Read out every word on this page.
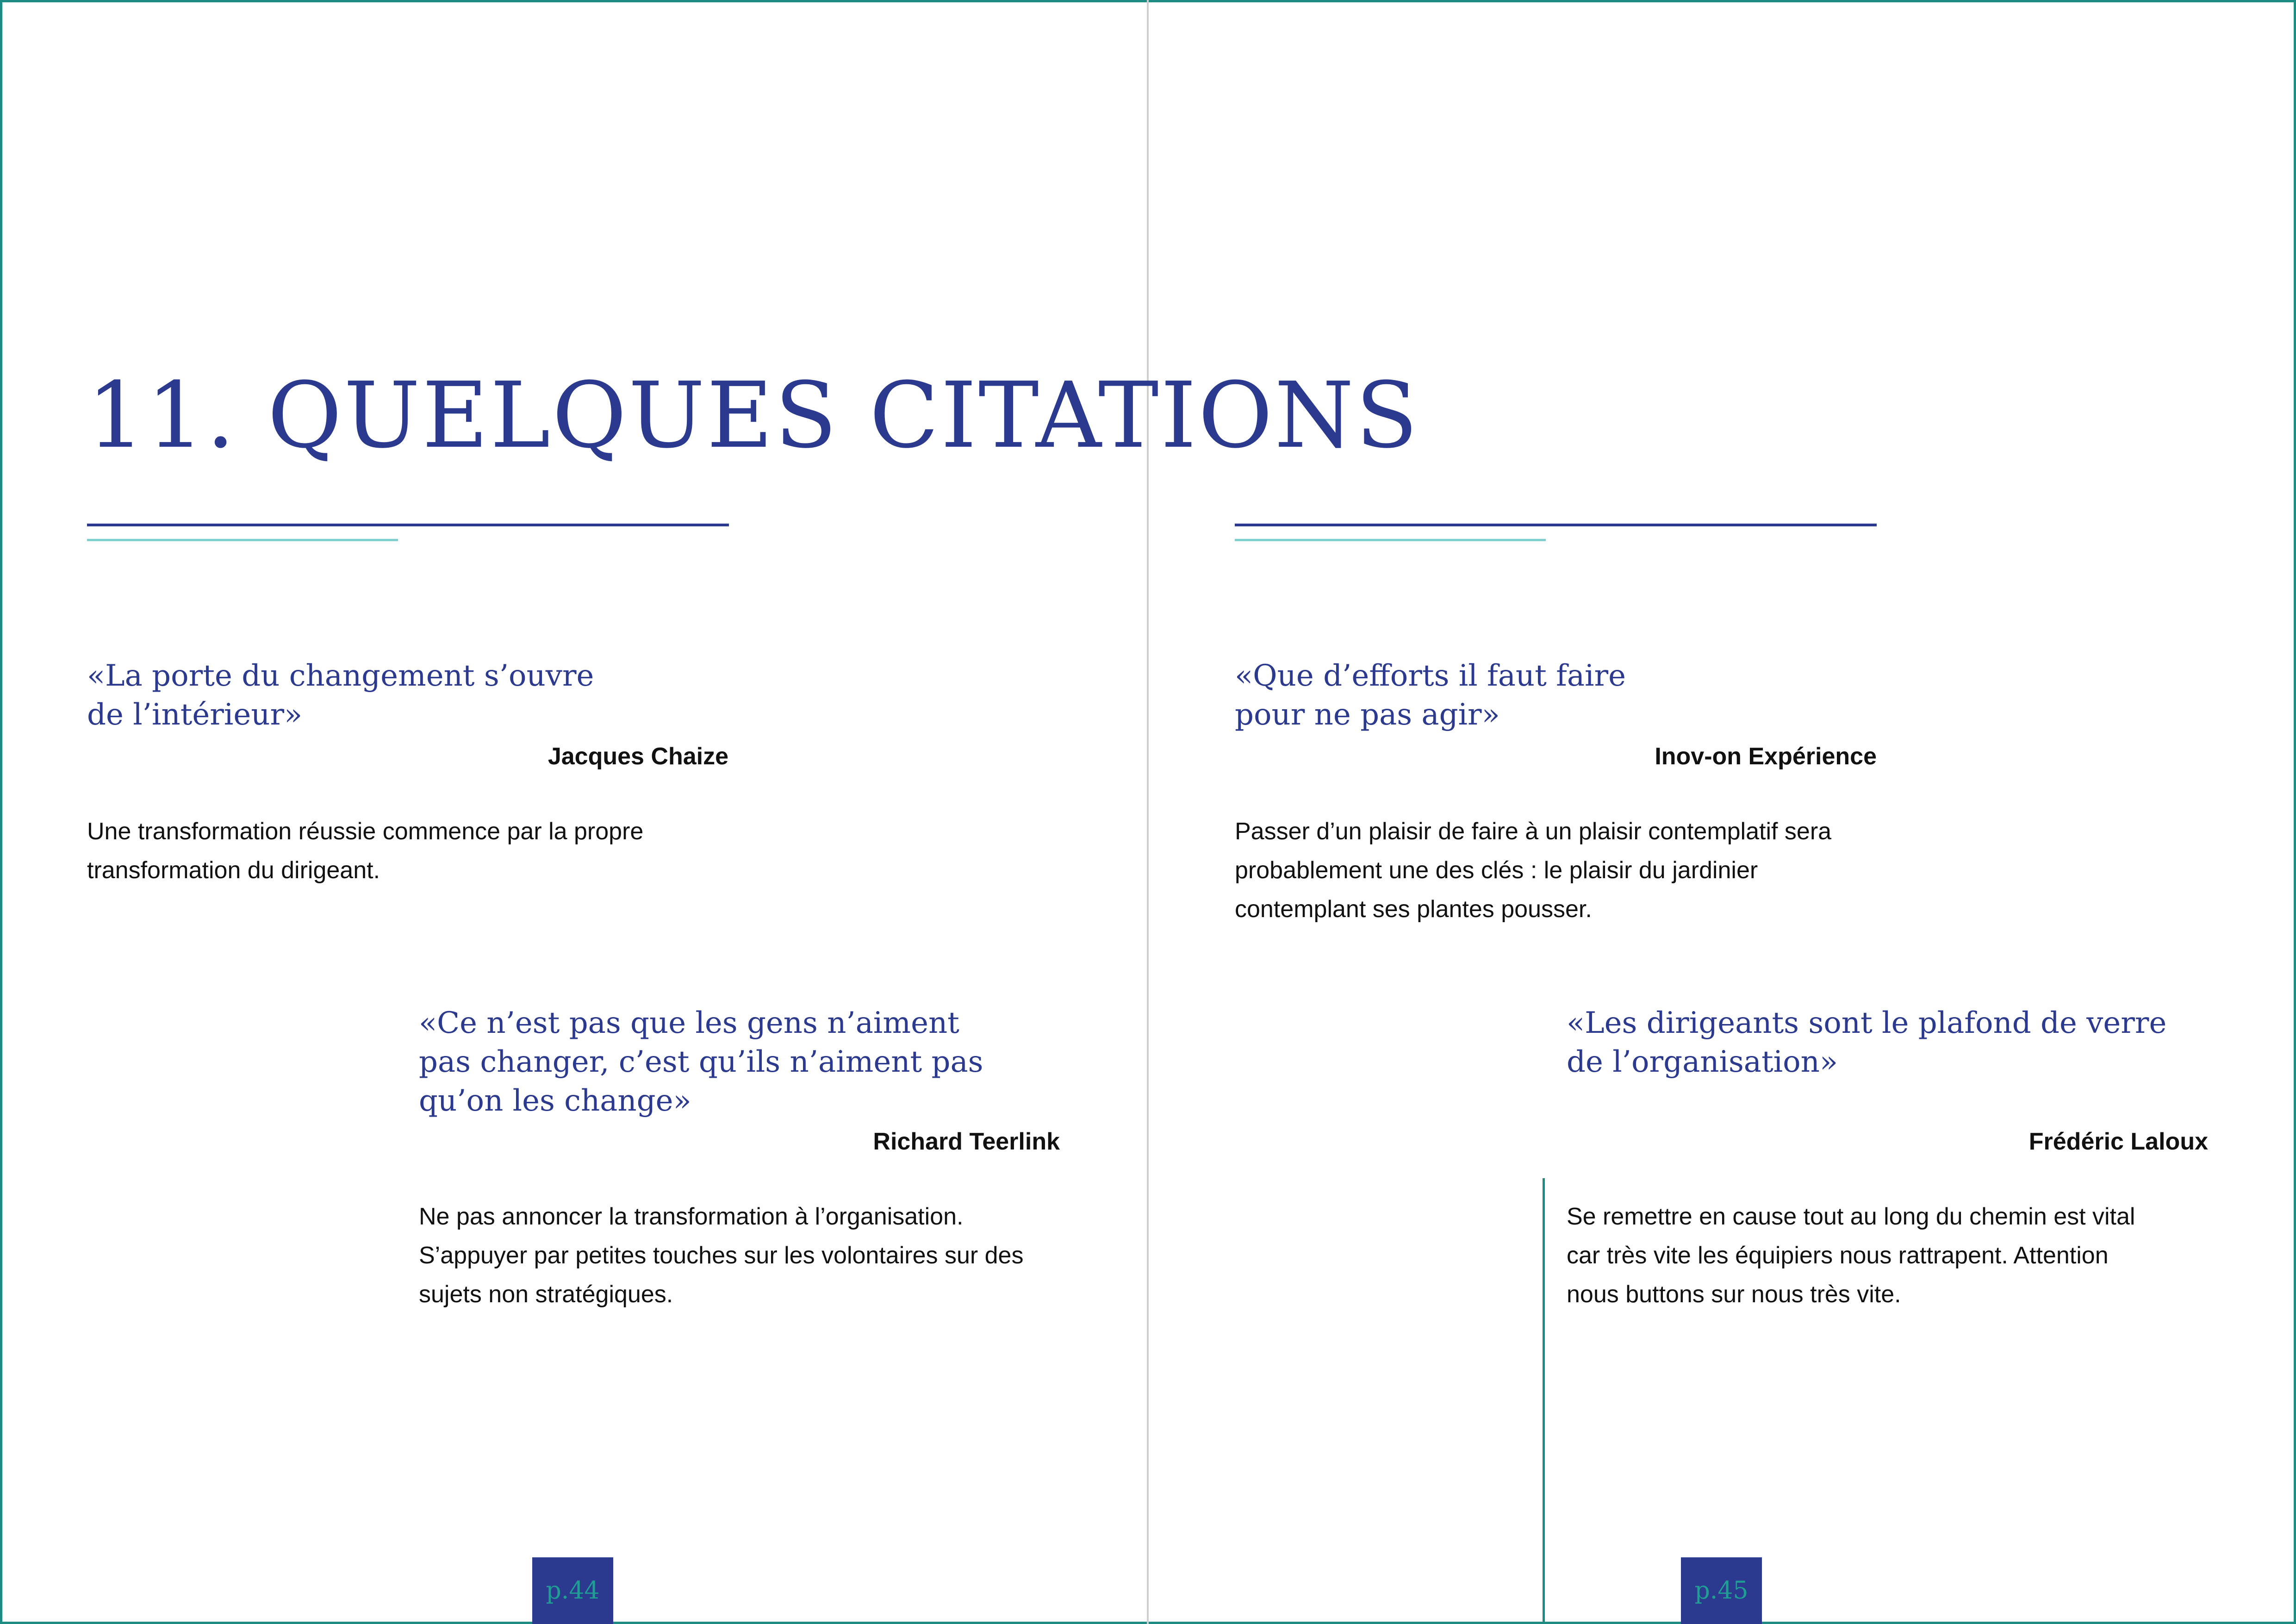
11. QUELQUES CITATIONS

«La porte du changement s’ouvre
de l’intérieur»

Jacques Chaize

Une transformation réussie commence par la propre
transformation du dirigeant.

«Ce n’est pas que les gens n’aiment
pas changer, c’est qu’ils n’aiment pas
qu’on les change»

Richard Teerlink

Ne pas annoncer la transformation à l’organisation.
S’appuyer par petites touches sur les volontaires sur des
sujets non stratégiques.

p.44

«Que d’efforts il faut faire
pour ne pas agir»

Inov-on Expérience

Passer d’un plaisir de faire à un plaisir contemplatif sera
probablement une des clés : le plaisir du jardinier
contemplant ses plantes pousser.

«Les dirigeants sont le plafond de verre
de l’organisation»

Frédéric Laloux

Se remettre en cause tout au long du chemin est vital
car très vite les équipiers nous rattrapent. Attention
nous buttons sur nous très vite.

p.45
